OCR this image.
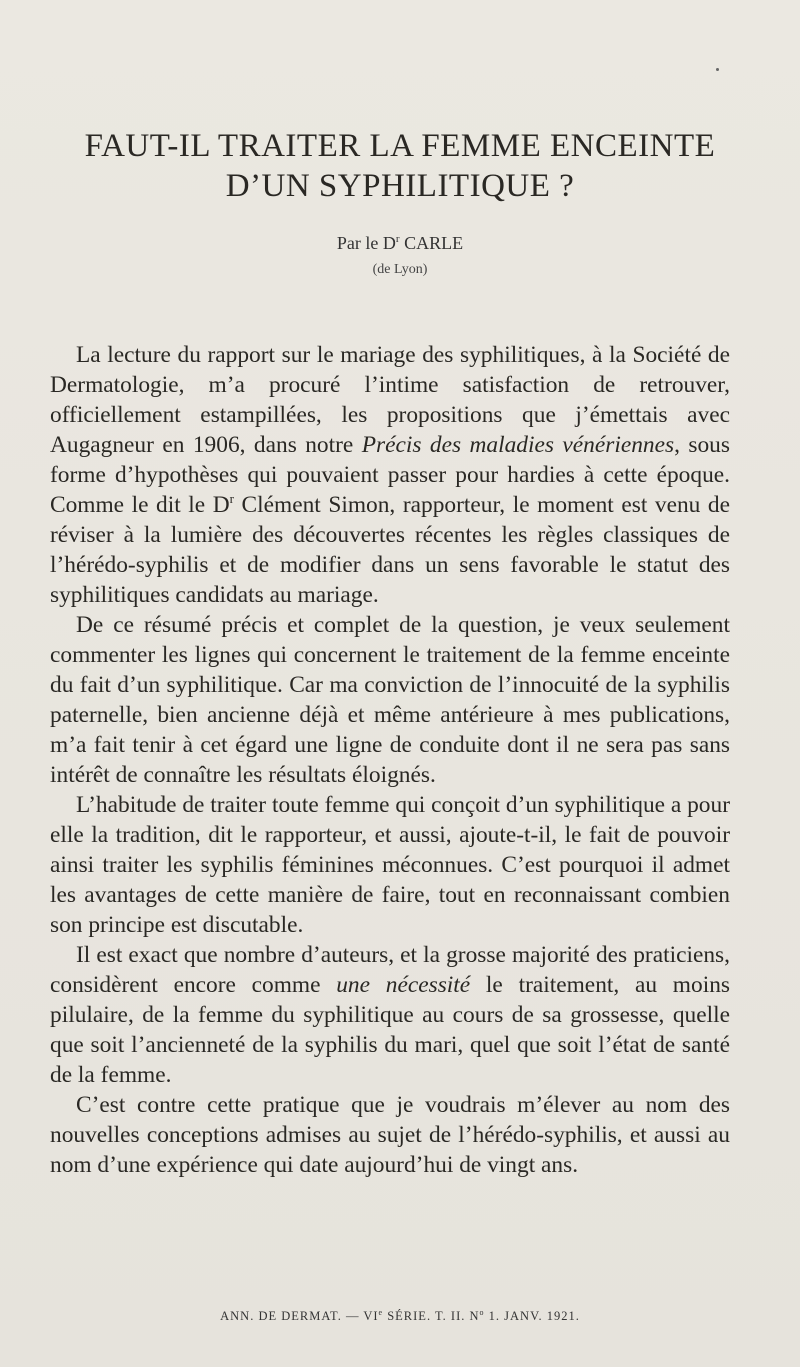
FAUT-IL TRAITER LA FEMME ENCEINTE
D’UN SYPHILITIQUE ?
Par le $D^r$ CARLE
(de Lyon)

La lecture du rapport sur le mariage des syphilitiques, à la Société de Dermatologie, m’a procuré l’intime satisfaction de retrouver, officiellement estampillées, les propositions que j’émettais avec Augagneur en 1906, dans notre Précis des maladies vénériennes, sous forme d’hypothèses qui pouvaient passer pour hardies à cette époque. Comme le dit le $D^r$ Clément Simon, rapporteur, le moment est venu de réviser à la lumière des découvertes récentes les règles classiques de l’hérédo-syphilis et de modifier dans un sens favorable le statut des syphilitiques candidats au mariage.

De ce résumé précis et complet de la question, je veux seulement commenter les lignes qui concernent le traitement de la femme enceinte du fait d’un syphilitique. Car ma conviction de l’innocuité de la syphilis paternelle, bien ancienne déjà et même antérieure à mes publications, m’a fait tenir à cet égard une ligne de conduite dont il ne sera pas sans intérêt de connaître les résultats éloignés.

L’habitude de traiter toute femme qui conçoit d’un syphilitique a pour elle la tradition, dit le rapporteur, et aussi, ajoute-t-il, le fait de pouvoir ainsi traiter les syphilis féminines méconnues. C’est pourquoi il admet les avantages de cette manière de faire, tout en reconnaissant combien son principe est discutable.

Il est exact que nombre d’auteurs, et la grosse majorité des praticiens, considèrent encore comme une nécessité le traitement, au moins pilulaire, de la femme du syphilitique au cours de sa grossesse, quelle que soit l’ancienneté de la syphilis du mari, quel que soit l’état de santé de la femme.

C’est contre cette pratique que je voudrais m’élever au nom des nouvelles conceptions admises au sujet de l’hérédo-syphilis, et aussi au nom d’une expérience qui date aujourd’hui de vingt ans.

ANN. DE DERMAT. — VIe SÉRIE. T. II. $N^o$ 1. JANV. 1921.
